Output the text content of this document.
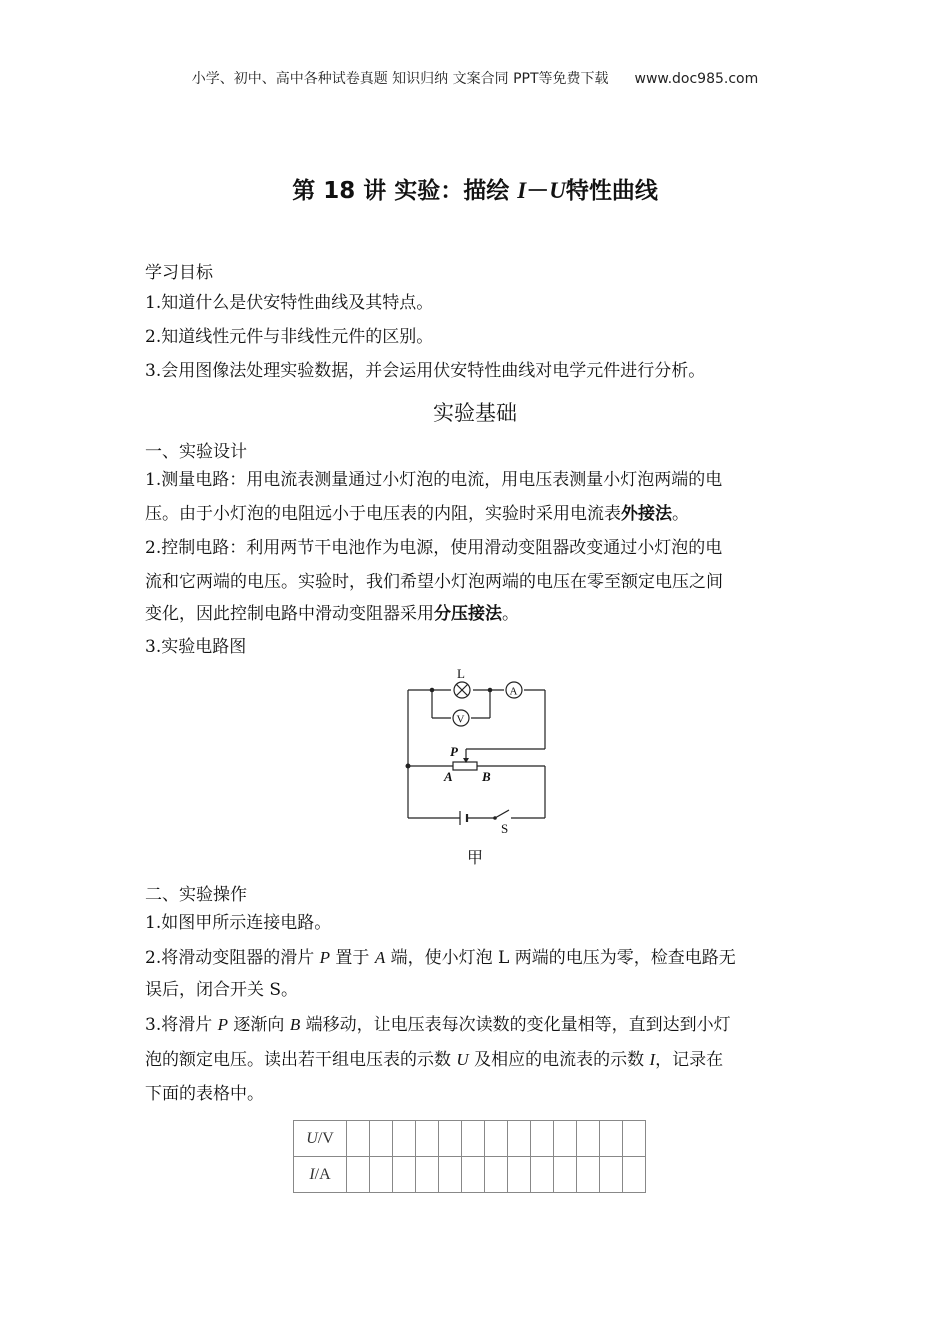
小学、初中、高中各种试卷真题 知识归纳 文案合同 PPT等免费下载 www.doc985.com
第 18 讲 实验：描绘 I－U特性曲线
学习目标
1.知道什么是伏安特性曲线及其特点。
2.知道线性元件与非线性元件的区别。
3.会用图像法处理实验数据，并会运用伏安特性曲线对电学元件进行分析。
实验基础
一、实验设计
1.测量电路：用电流表测量通过小灯泡的电流，用电压表测量小灯泡两端的电
压。由于小灯泡的电阻远小于电压表的内阻，实验时采用电流表外接法。
2.控制电路：利用两节干电池作为电源，使用滑动变阻器改变通过小灯泡的电
流和它两端的电压。实验时，我们希望小灯泡两端的电压在零至额定电压之间
变化，因此控制电路中滑动变阻器采用分压接法。
3.实验电路图
L
A
V
P
A B
S
甲
二、实验操作
1.如图甲所示连接电路。
2.将滑动变阻器的滑片 P 置于 A 端，使小灯泡 L 两端的电压为零，检查电路无
误后，闭合开关 S。
3.将滑片 P 逐渐向 B 端移动，让电压表每次读数的变化量相等，直到达到小灯
泡的额定电压。读出若干组电压表的示数 U 及相应的电流表的示数 I，记录在
下面的表格中。
U/V													
I/A													
